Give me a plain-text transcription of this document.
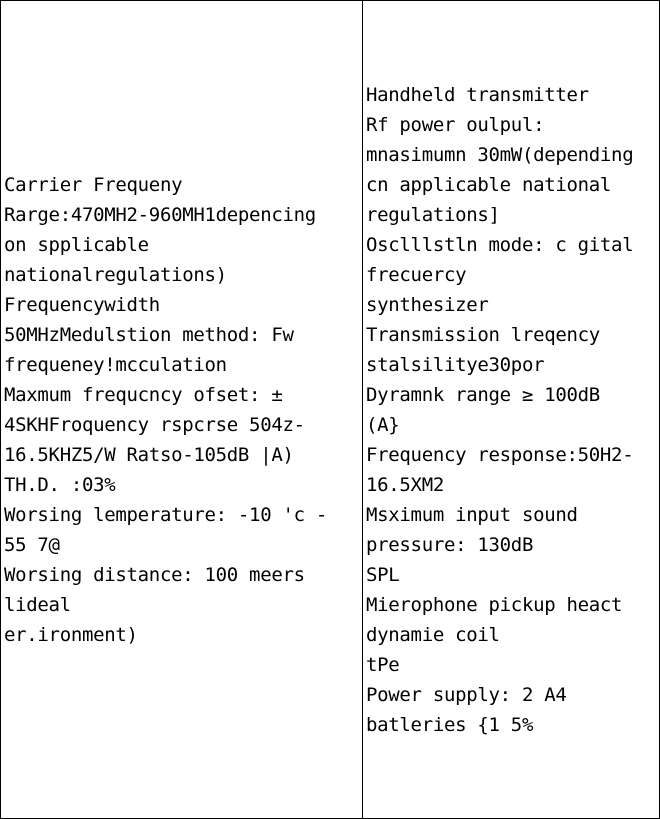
Carrier Frequeny
Rarge:470MH2-960MH1depencing
on spplicable
nationalregulations)
Frequencywidth
50MHzMedulstion method: Fw
frequeney!mcculation
Maxmum frequcncy ofset: ±
4SKHFroquency rspcrse 504z-
16.5KHZ5/W Ratso-105dB |A)
TH.D. :03%
Worsing lemperature: -10 'c -
55 7@
Worsing distance: 100 meers
lideal
er.ironment)
Handheld transmitter
Rf power oulpul:
mnasimumn 30mW(depending
cn applicable national
regulations]
Osclllstln mode: c gital
frecuercy
synthesizer
Transmission lreqency
stalsilitye30por
Dyramnk range ≥ 100dB
(A}
Frequency response:50H2-
16.5XM2
Msximum input sound
pressure: 130dB
SPL
Mierophone pickup heact
dynamie coil
tPe
Power supply: 2 A4
batleries {1 5%
